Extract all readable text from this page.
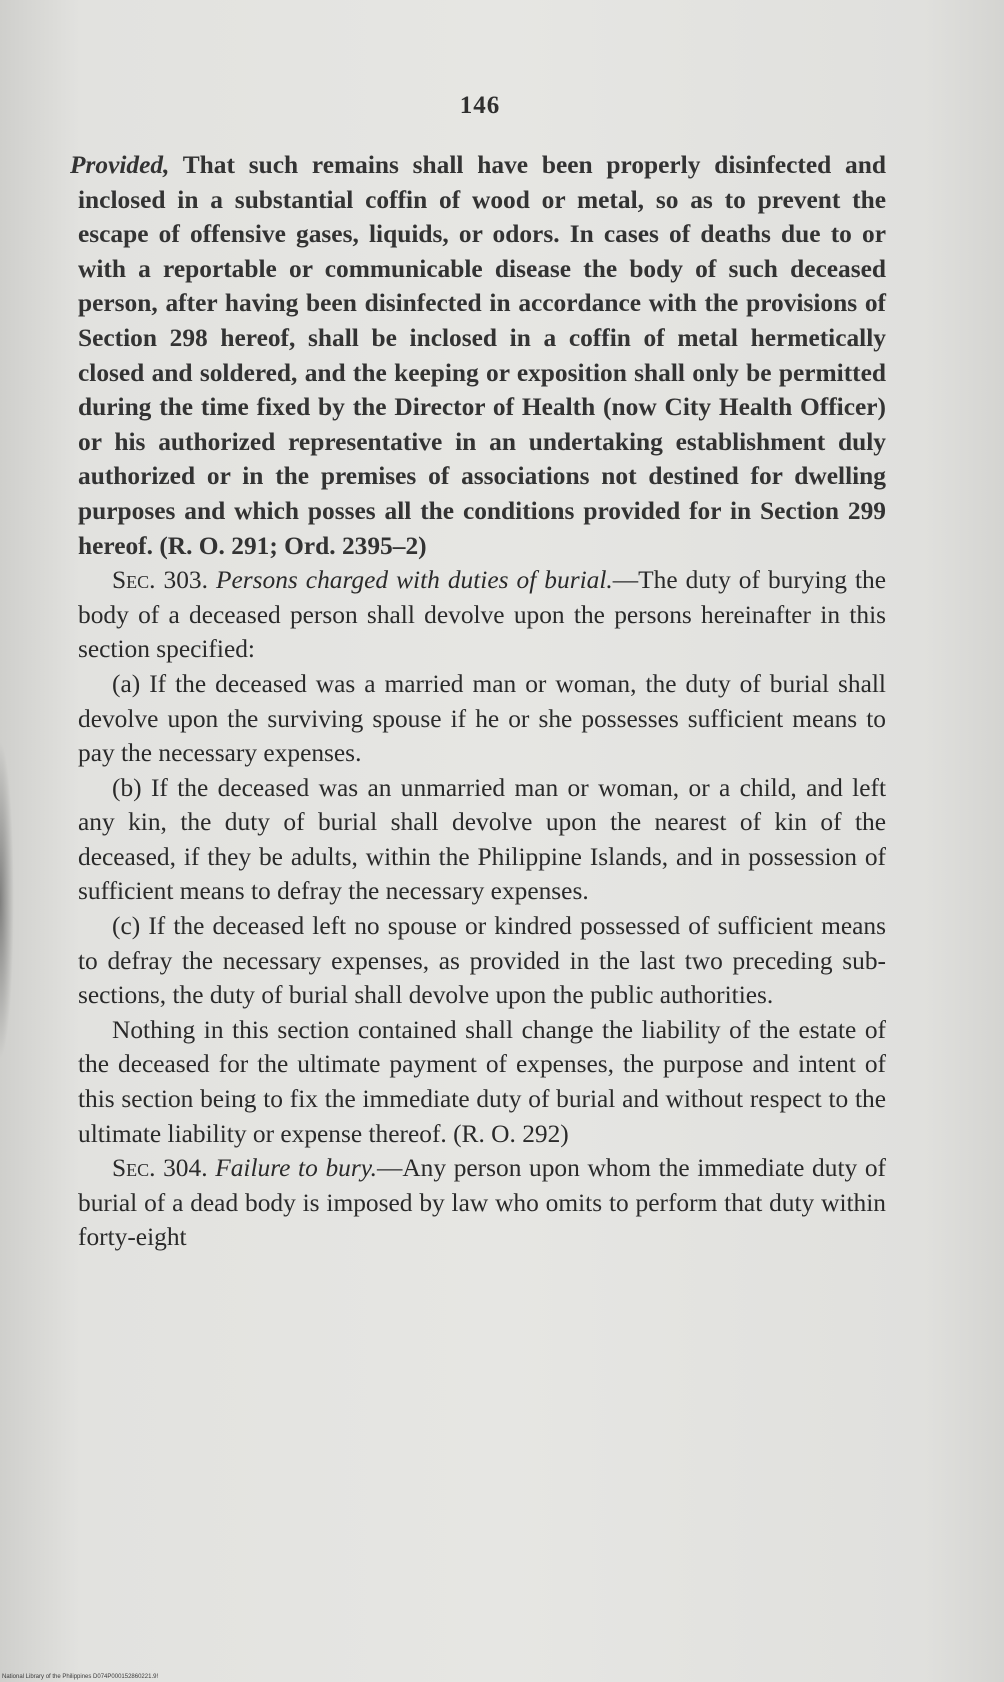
146

Provided, That such remains shall have been properly disinfected and inclosed in a substantial coffin of wood or metal, so as to prevent the escape of offensive gases, liquids, or odors. In cases of deaths due to or with a reportable or communicable disease the body of such deceased person, after having been disinfected in accordance with the provisions of Section 298 hereof, shall be inclosed in a coffin of metal hermetically closed and soldered, and the keeping or exposition shall only be permitted during the time fixed by the Director of Health (now City Health Officer) or his authorized representative in an undertaking establishment duly authorized or in the premises of associations not destined for dwelling purposes and which posses all the conditions provided for in Section 299 hereof. (R. O. 291; Ord. 2395–2)

Sec. 303. Persons charged with duties of burial.—The duty of burying the body of a deceased person shall devolve upon the persons hereinafter in this section specified:

(a) If the deceased was a married man or woman, the duty of burial shall devolve upon the surviving spouse if he or she possesses sufficient means to pay the necessary expenses.

(b) If the deceased was an unmarried man or woman, or a child, and left any kin, the duty of burial shall devolve upon the nearest of kin of the deceased, if they be adults, within the Philippine Islands, and in possession of sufficient means to defray the necessary expenses.

(c) If the deceased left no spouse or kindred possessed of sufficient means to defray the necessary expenses, as provided in the last two preceding sub-sections, the duty of burial shall devolve upon the public authorities.

Nothing in this section contained shall change the liability of the estate of the deceased for the ultimate payment of expenses, the purpose and intent of this section being to fix the immediate duty of burial and without respect to the ultimate liability or expense thereof. (R. O. 292)

Sec. 304. Failure to bury.—Any person upon whom the immediate duty of burial of a dead body is imposed by law who omits to perform that duty within forty-eight

National Library of the Philippines D074P000152860221.9!
